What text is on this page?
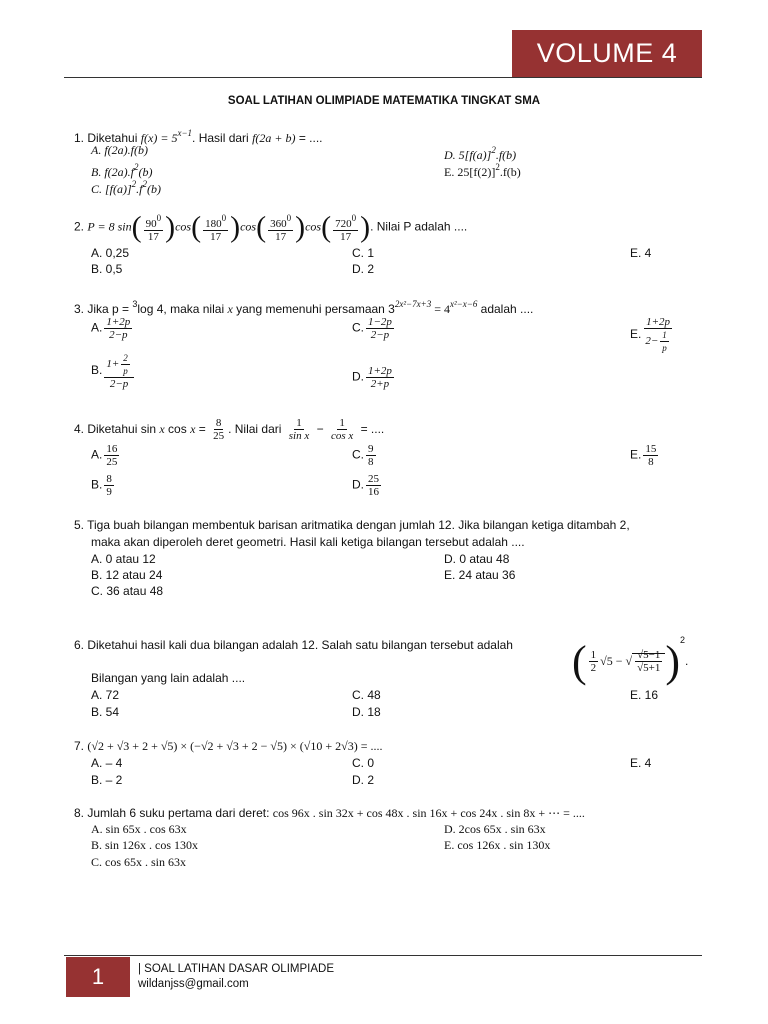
VOLUME 4
SOAL LATIHAN OLIMPIADE MATEMATIKA TINGKAT SMA
1. Diketahui $f(x) = 5^{x-1}$. Hasil dari f(2a + b) = ....
A. f(2a).f(b)
B. $f(2a).f^2(b)$
C. $[f(a)]^2.f^2(b)$
D. $5[f(a)]^2.f(b)$
E. $25[f(2)]^2.f(b)$
2. P = 8 $\sin( \frac{90^0}{17} )\cos( \frac{180^0}{17} )\cos( \frac{360^0}{17} )\cos( \frac{720^0}{17}$ ). Nilai P adalah ....
A. 0,25
B. 0,5
C. 1
D. 2
E. 4
3. Jika p = $^3$log 4, maka nilai x yang memenuhi persamaan $3^{2x^2-7x+3} = 4^{x^2-x-6}$ adalah ....
A. $\frac{1+2p}{2-p}$
B. $\frac{1+ \frac{2}{p}}{2-p}$
C. $\frac{1-2p}{2-p}$
D. $\frac{1+2p}{2+p}$
E. $\frac{1+2p}{2- \frac{1}{p}}$
4. Diketahui sin x $\cos x = \frac{8}{25}$ . Nilai dari $\frac{1}{\text{sin x}} - \frac{1}{\text{cos x}}$ = ....
A. $\frac{16}{25}$
B. $\frac{8}{9}$
C. $\frac{9}{8}$
D. $\frac{25}{16}$
E. $\frac{15}{8}$
5. Tiga buah bilangan membentuk barisan aritmatika dengan jumlah 12. Jika bilangan ketiga ditambah 2,
maka akan diperoleh deret geometri. Hasil kali ketiga bilangan tersebut adalah ....
A. 0 atau 12
B. 12 atau 24
C. 36 atau 48
D. 0 atau 48
E. 24 atau 36
6. Diketahui hasil kali dua bilangan adalah 12. Salah satu bilangan tersebut adalah ( $\frac{1}{2} √5$ − √ $\frac{√5-1}{√5+1} )^2$.
Bilangan yang lain adalah ....
A. 72
B. 54
C. 48
D. 18
E. 16
7. (√2 + √3 + 2 + √5) × (−√2 + √3 + 2 − √5) × (√10 + 2√3) = ....
A. – 4
B. – 2
C. 0
D. 2
E. 4
8. Jumlah 6 suku pertama dari deret: cos 96x . sin 32x + cos 48x . sin 16x + cos 24x . sin 8x + ⋯ = ....
A. sin 65x . cos 63x
B. sin 126x . cos 130x
C. cos 65x . sin 63x
D. 2cos 65x . sin 63x
E. cos 126x . sin 130x
1	| SOAL LATIHAN DASAR OLIMPIADE
wildanjss@gmail.com
